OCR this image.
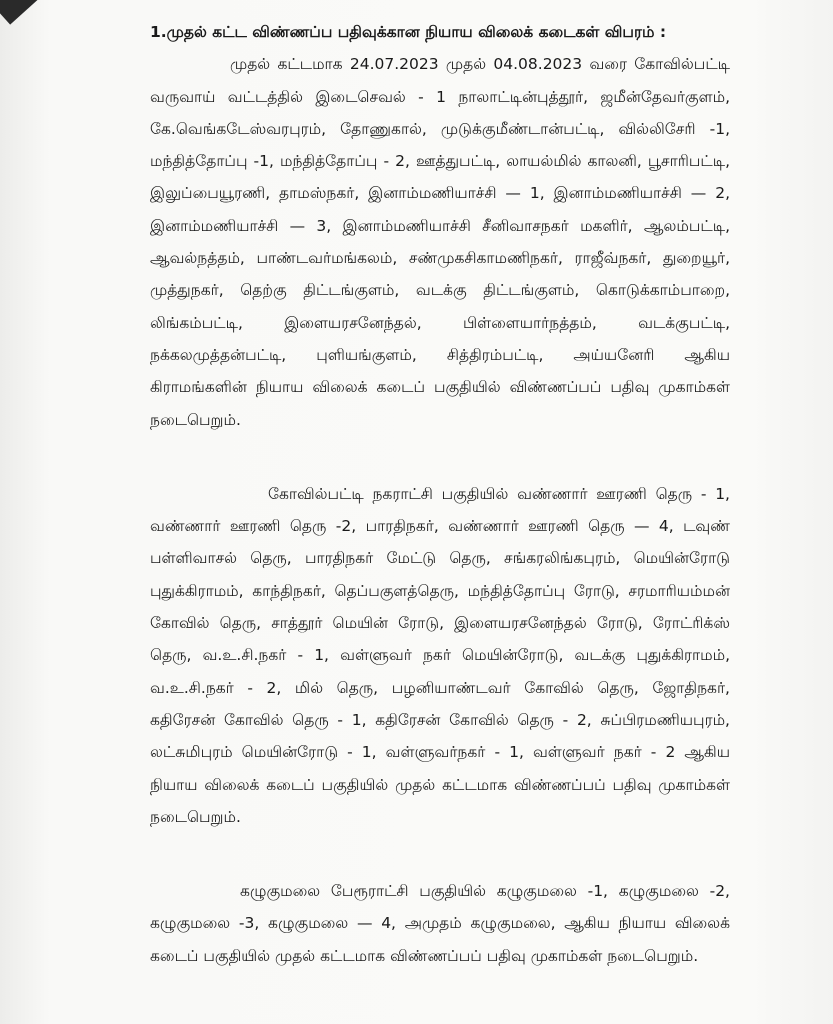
1.முதல் கட்ட விண்ணப்ப பதிவுக்கான நியாய விலைக் கடைகள் விபரம் :

முதல் கட்டமாக 24.07.2023 முதல் 04.08.2023 வரை கோவில்பட்டி வருவாய் வட்டத்தில் இடைசெவல் - 1 நாலாட்டின்புத்தூர், ஜமீன்தேவர்குளம், கே.வெங்கடேஸ்வரபுரம், தோணுகால், முடுக்குமீண்டான்பட்டி, வில்லிசேரி -1, மந்தித்தோப்பு -1, மந்தித்தோப்பு - 2, ஊத்துபட்டி, லாயல்மில் காலனி, பூசாரிபட்டி, இலுப்பையூரணி, தாமஸ்நகர், இனாம்மணியாச்சி — 1, இனாம்மணியாச்சி — 2, இனாம்மணியாச்சி — 3, இனாம்மணியாச்சி சீனிவாசநகர் மகளிர், ஆலம்பட்டி, ஆவல்நத்தம், பாண்டவர்மங்கலம், சண்முகசிகாமணிநகர், ராஜீவ்நகர், துறையூர், முத்துநகர், தெற்கு திட்டங்குளம், வடக்கு திட்டங்குளம், கொடுக்காம்பாறை, லிங்கம்பட்டி, இளையரசனேந்தல், பிள்ளையார்நத்தம், வடக்குபட்டி, நக்கலமுத்தன்பட்டி, புளியங்குளம், சித்திரம்பட்டி, அய்யனேரி ஆகிய கிராமங்களின் நியாய விலைக் கடைப் பகுதியில் விண்ணப்பப் பதிவு முகாம்கள் நடைபெறும்.

கோவில்பட்டி நகராட்சி பகுதியில் வண்ணார் ஊரணி தெரு - 1, வண்ணார் ஊரணி தெரு -2, பாரதிநகர், வண்ணார் ஊரணி தெரு — 4, டவுண் பள்ளிவாசல் தெரு, பாரதிநகர் மேட்டு தெரு, சங்கரலிங்கபுரம், மெயின்ரோடு புதுக்கிராமம், காந்திநகர், தெப்பகுளத்தெரு, மந்தித்தோப்பு ரோடு, சரமாரியம்மன் கோவில் தெரு, சாத்தூர் மெயின் ரோடு, இளையரசனேந்தல் ரோடு, ரோட்ரிக்ஸ் தெரு, வ.உ.சி.நகர் - 1, வள்ளுவர் நகர் மெயின்ரோடு, வடக்கு புதுக்கிராமம், வ.உ.சி.நகர் - 2, மில் தெரு, பழனியாண்டவர் கோவில் தெரு, ஜோதிநகர், கதிரேசன் கோவில் தெரு - 1, கதிரேசன் கோவில் தெரு - 2, சுப்பிரமணியபுரம், லட்சுமிபுரம் மெயின்ரோடு - 1, வள்ளுவர்நகர் - 1, வள்ளுவர் நகர் - 2 ஆகிய நியாய விலைக் கடைப் பகுதியில் முதல் கட்டமாக விண்ணப்பப் பதிவு முகாம்கள் நடைபெறும்.

கழுகுமலை பேரூராட்சி பகுதியில் கழுகுமலை -1, கழுகுமலை -2, கழுகுமலை -3, கழுகுமலை — 4, அமுதம் கழுகுமலை, ஆகிய நியாய விலைக் கடைப் பகுதியில் முதல் கட்டமாக விண்ணப்பப் பதிவு முகாம்கள் நடைபெறும்.
